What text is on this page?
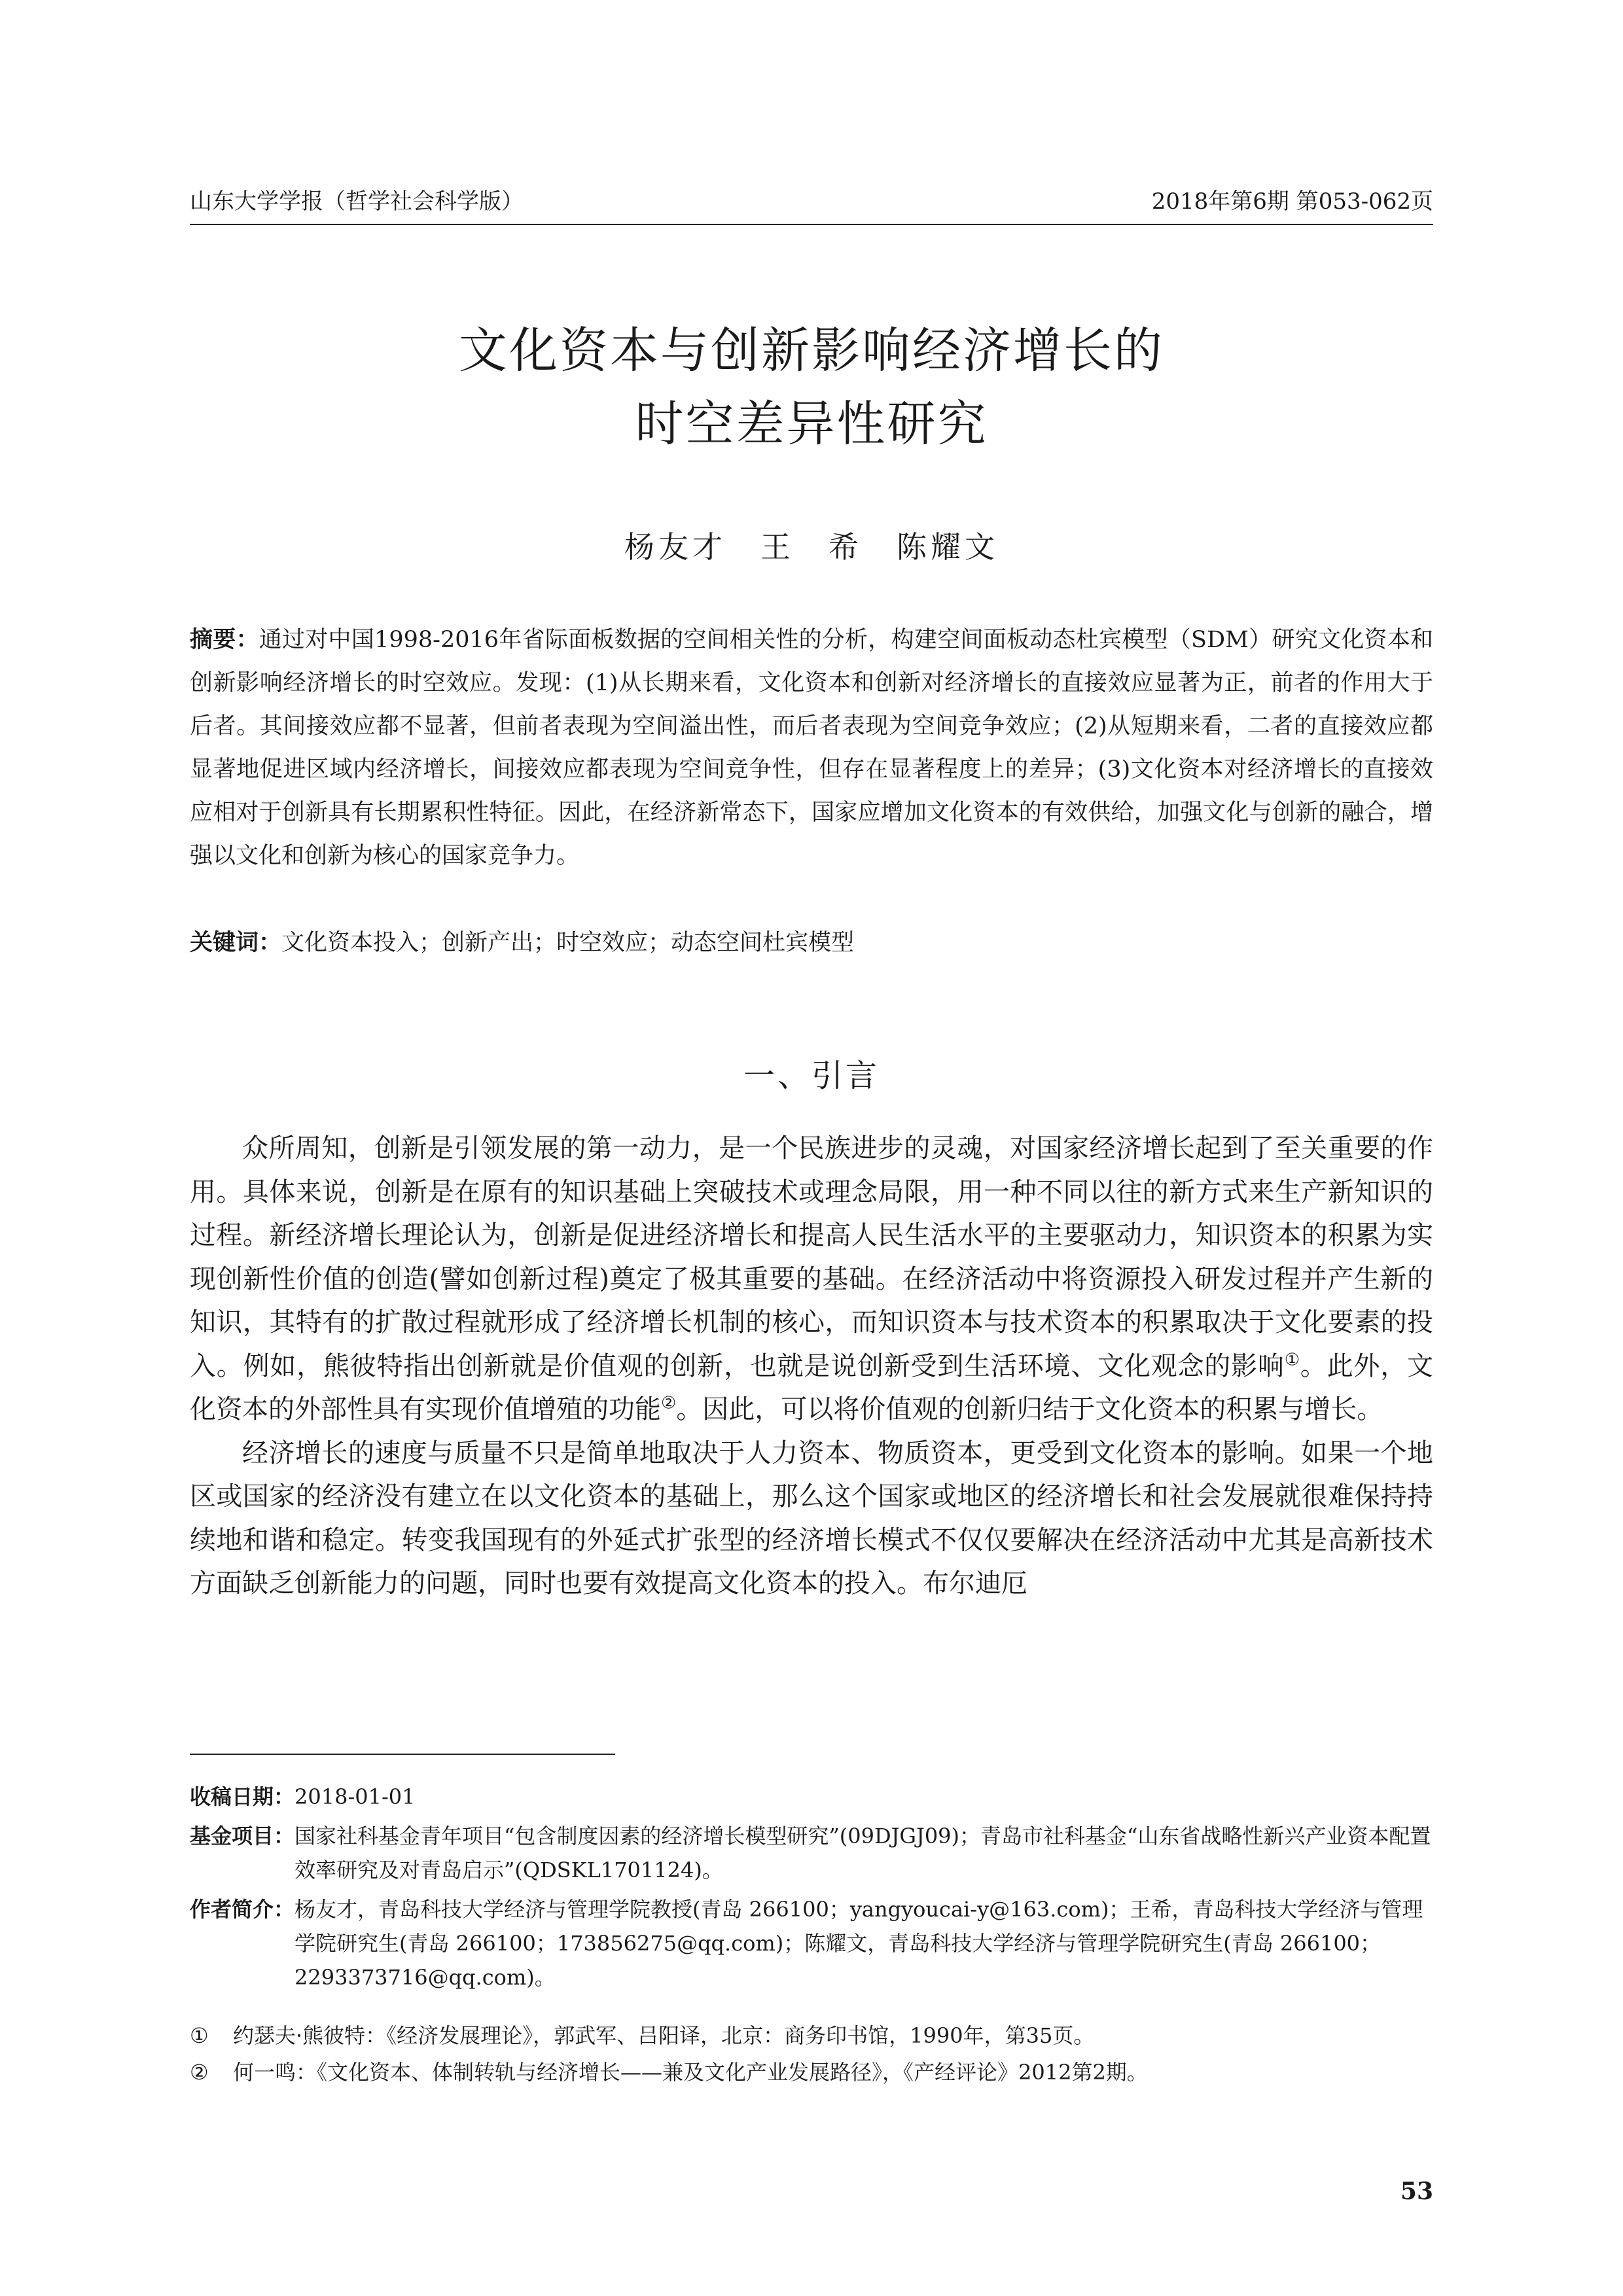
山东大学学报（哲学社会科学版）	2018年第6期 第053-062页
文化资本与创新影响经济增长的
时空差异性研究
杨友才　王　希　陈耀文
摘要：通过对中国1998-2016年省际面板数据的空间相关性的分析，构建空间面板动态杜宾模型（SDM）研究文化资本和创新影响经济增长的时空效应。发现：(1)从长期来看，文化资本和创新对经济增长的直接效应显著为正，前者的作用大于后者。其间接效应都不显著，但前者表现为空间溢出性，而后者表现为空间竞争效应；(2)从短期来看，二者的直接效应都显著地促进区域内经济增长，间接效应都表现为空间竞争性，但存在显著程度上的差异；(3)文化资本对经济增长的直接效应相对于创新具有长期累积性特征。因此，在经济新常态下，国家应增加文化资本的有效供给，加强文化与创新的融合，增强以文化和创新为核心的国家竞争力。
关键词：文化资本投入；创新产出；时空效应；动态空间杜宾模型
一、引言

众所周知，创新是引领发展的第一动力，是一个民族进步的灵魂，对国家经济增长起到了至关重要的作用。具体来说，创新是在原有的知识基础上突破技术或理念局限，用一种不同以往的新方式来生产新知识的过程。新经济增长理论认为，创新是促进经济增长和提高人民生活水平的主要驱动力，知识资本的积累为实现创新性价值的创造(譬如创新过程)奠定了极其重要的基础。在经济活动中将资源投入研发过程并产生新的知识，其特有的扩散过程就形成了经济增长机制的核心，而知识资本与技术资本的积累取决于文化要素的投入。例如，熊彼特指出创新就是价值观的创新，也就是说创新受到生活环境、文化观念的影响①。此外，文化资本的外部性具有实现价值增殖的功能②。因此，可以将价值观的创新归结于文化资本的积累与增长。

经济增长的速度与质量不只是简单地取决于人力资本、物质资本，更受到文化资本的影响。如果一个地区或国家的经济没有建立在以文化资本的基础上，那么这个国家或地区的经济增长和社会发展就很难保持持续地和谐和稳定。转变我国现有的外延式扩张型的经济增长模式不仅仅要解决在经济活动中尤其是高新技术方面缺乏创新能力的问题，同时也要有效提高文化资本的投入。布尔迪厄

收稿日期： 2018-01-01
基金项目： 国家社科基金青年项目“包含制度因素的经济增长模型研究”(09DJGJ09)；青岛市社科基金“山东省战略性新兴产业资本配置效率研究及对青岛启示”(QDSKL1701124)。
作者简介： 杨友才，青岛科技大学经济与管理学院教授(青岛 266100；yangyoucai-y@163.com)；王希，青岛科技大学经济与管理学院研究生(青岛 266100；173856275@qq.com)；陈耀文，青岛科技大学经济与管理学院研究生(青岛 266100；2293373716@qq.com)。
①	约瑟夫·熊彼特：《经济发展理论》，郭武军、吕阳译，北京：商务印书馆，1990年，第35页。
②	何一鸣：《文化资本、体制转轨与经济增长——兼及文化产业发展路径》，《产经评论》2012第2期。
53
